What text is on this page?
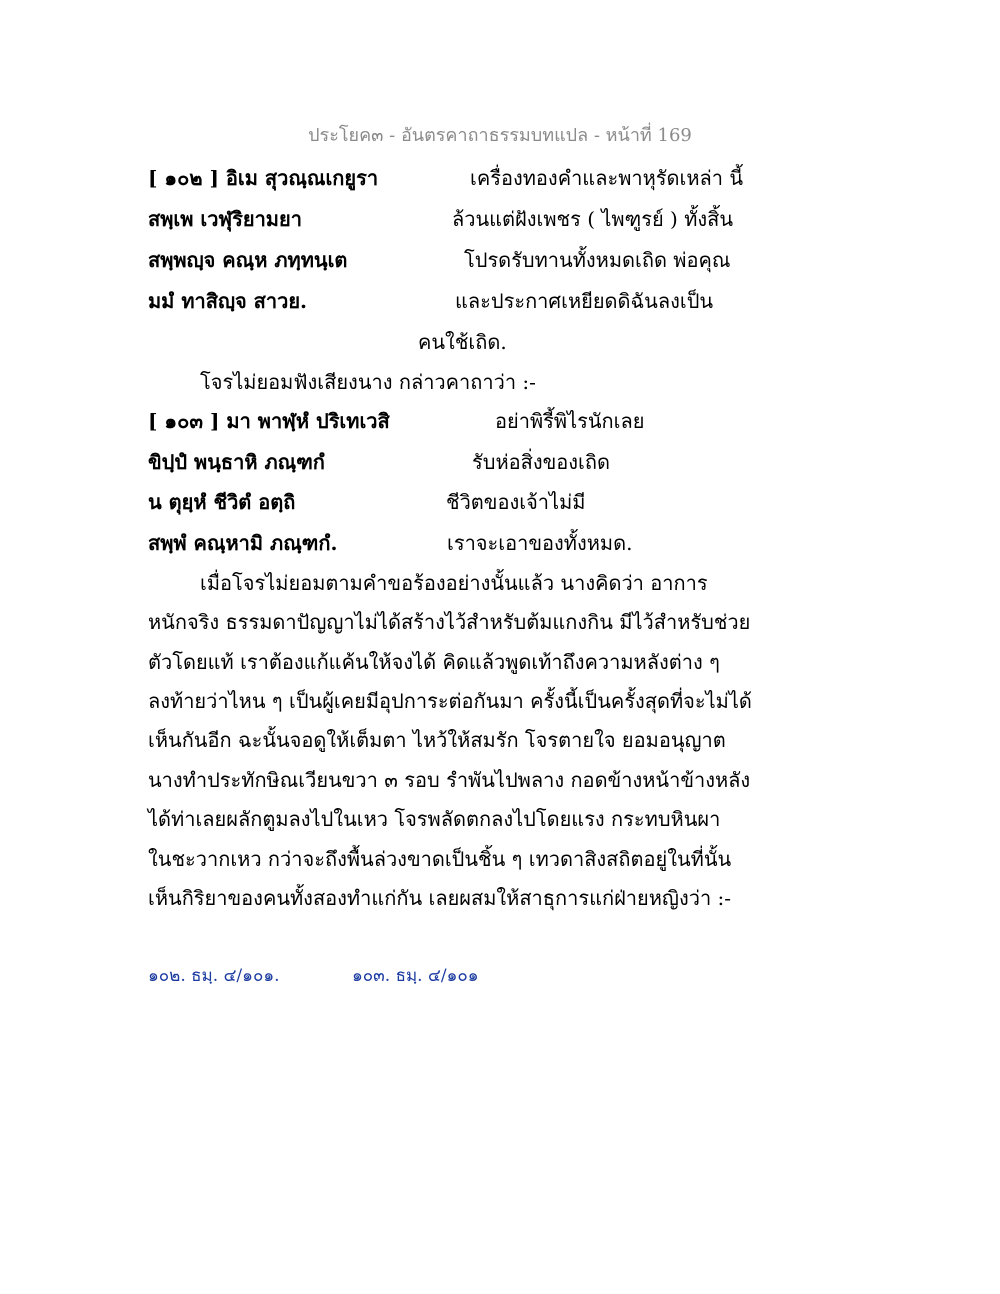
ประโยค๓ - อันตรคาถาธรรมบทแปล - หน้าที่ 169
[ ๑๐๒ ] อิเม สุวณฺณเกยูรา	เครื่องทองคำและพาหุรัดเหล่า นี้
สพฺเพ เวฬุริยามยา	ล้วนแต่ฝังเพชร ( ไพฑูรย์ ) ทั้งสิ้น
สพฺพญฺจ คณฺห ภทฺทนฺเต	โปรดรับทานทั้งหมดเถิด พ่อคุณ
มมํ ทาสิญฺจ สาวย.	และประกาศเหยียดดิฉันลงเป็น
คนใช้เถิด.
โจรไม่ยอมฟังเสียงนาง กล่าวคาถาว่า :-
[ ๑๐๓ ] มา พาฬฺหํ ปริเทเวสิ	อย่าพิรี้พิไรนักเลย
ขิปฺปํ พนฺธาหิ ภณฺฑกํ	รับห่อสิ่งของเถิด
น ตุยฺหํ ชีวิตํ อตฺถิ	ชีวิตของเจ้าไม่มี
สพฺพํ คณฺหามิ ภณฺฑกํ.	เราจะเอาของทั้งหมด.
เมื่อโจรไม่ยอมตามคำขอร้องอย่างนั้นแล้ว นางคิดว่า อาการ
หนักจริง ธรรมดาปัญญาไม่ได้สร้างไว้สำหรับต้มแกงกิน มีไว้สำหรับช่วย
ตัวโดยแท้ เราต้องแก้แค้นให้จงได้ คิดแล้วพูดเท้าถึงความหลังต่าง ๆ
ลงท้ายว่าไหน ๆ เป็นผู้เคยมีอุปการะต่อกันมา ครั้งนี้เป็นครั้งสุดที่จะไม่ได้
เห็นกันอีก ฉะนั้นจอดูให้เต็มตา ไหว้ให้สมรัก โจรตายใจ ยอมอนุญาต
นางทำประทักษิณเวียนขวา ๓ รอบ รำพันไปพลาง กอดข้างหน้าข้างหลัง
ได้ท่าเลยผลักตูมลงไปในเหว โจรพลัดตกลงไปโดยแรง กระทบหินผา
ในชะวากเหว กว่าจะถึงพื้นล่วงขาดเป็นชิ้น ๆ เทวดาสิงสถิตอยู่ในที่นั้น
เห็นกิริยาของคนทั้งสองทำแก่กัน เลยผสมให้สาธุการแก่ฝ่ายหญิงว่า :-
๑๐๒. ธมฺ. ๔/๑๐๑.	๑๐๓. ธมฺ. ๔/๑๐๑
